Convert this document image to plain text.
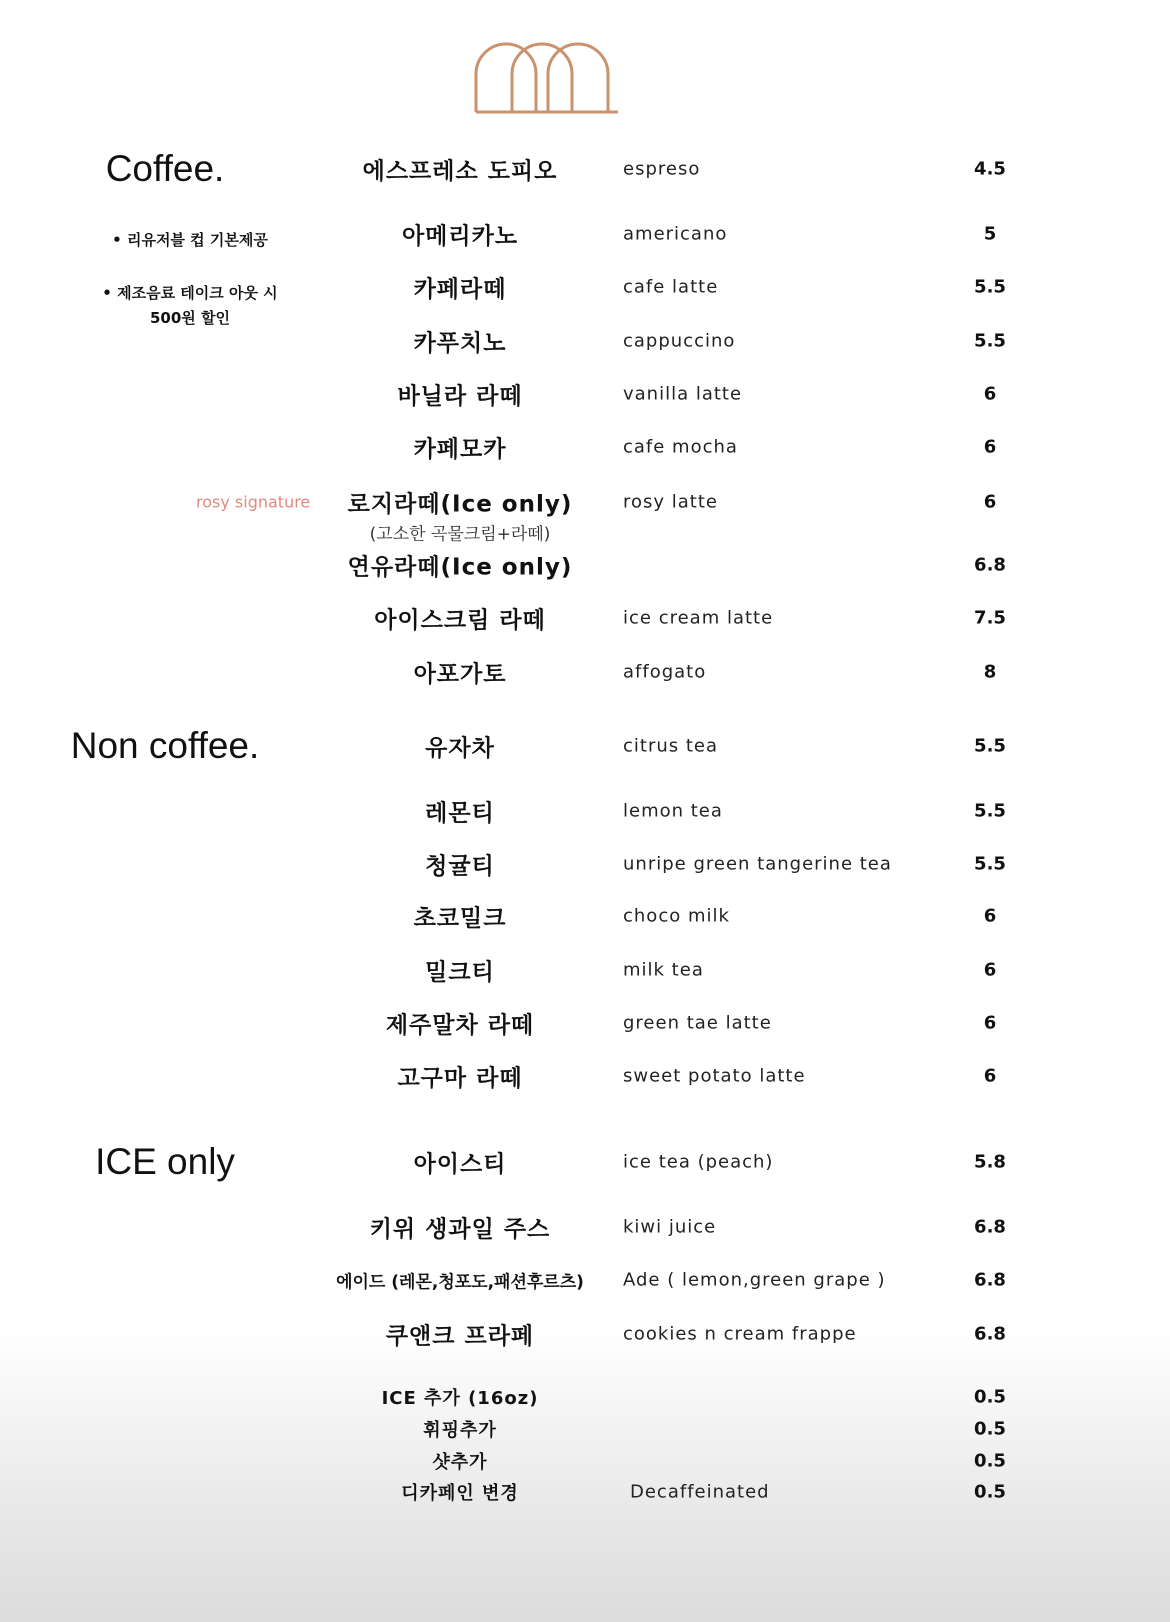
Coffee.
Non coffee.
ICE only
• 리유저블 컵 기본제공
• 제조음료 테이크 아웃 시
500원 할인
rosy signature
에스프레소 도피오	espreso	4.5
아메리카노	americano	5
카페라떼	cafe latte	5.5
카푸치노	cappuccino	5.5
바닐라 라떼	vanilla latte	6
카페모카	cafe mocha	6
로지라떼(Ice only)	rosy latte	6
(고소한 곡물크림+라떼)
연유라떼(Ice only)	6.8
아이스크림 라떼	ice cream latte	7.5
아포가토	affogato	8
유자차	citrus tea	5.5
레몬티	lemon tea	5.5
청귤티	unripe green tangerine tea	5.5
초코밀크	choco milk	6
밀크티	milk tea	6
제주말차 라떼	green tae latte	6
고구마 라떼	sweet potato latte	6
아이스티	ice tea (peach)	5.8
키위 생과일 주스	kiwi juice	6.8
에이드 (레몬,청포도,패션후르츠)	Ade ( lemon,green grape )	6.8
쿠앤크 프라페	cookies n cream frappe	6.8
ICE 추가 (16oz)	0.5
휘핑추가	0.5
샷추가	0.5
디카페인 변경	Decaffeinated	0.5
